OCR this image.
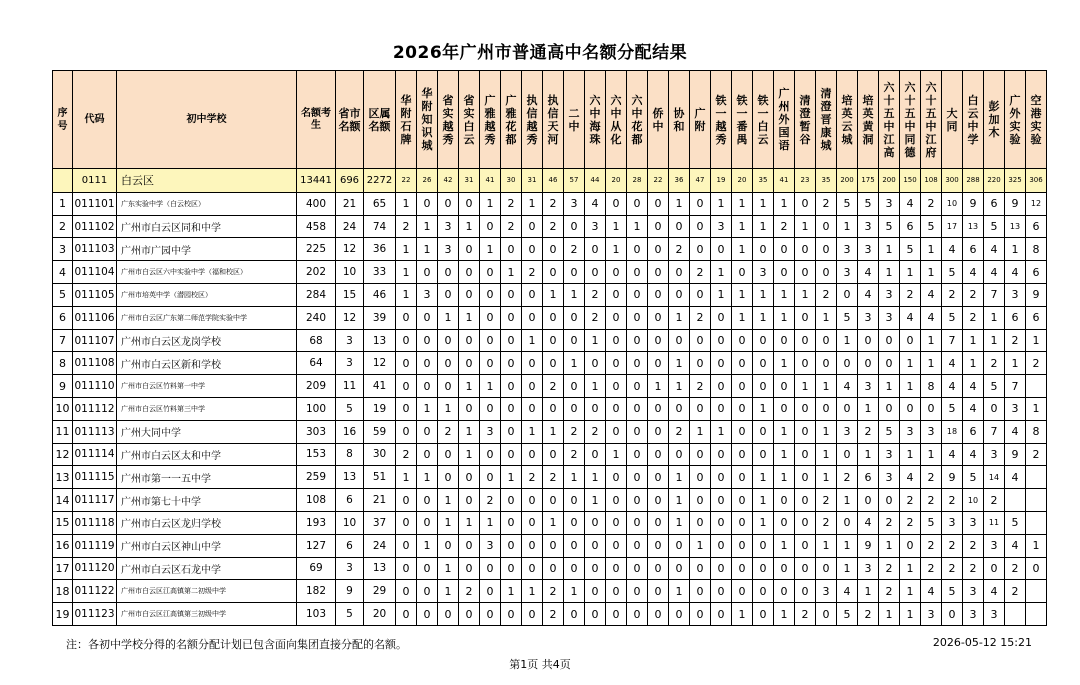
2026年广州市普通高中名额分配结果
序号	代码	初中学校	名额考生	省市名额	区属名额	华附石牌	华附知识城	省实越秀	省实白云	广雅越秀	广雅花都	执信越秀	执信天河	二中	六中海珠	六中从化	六中花都	侨中	协和	广附	铁一越秀	铁一番禺	铁一白云	广州外国语	清澄暂谷	清澄晋康城	培英云城	培英黄洞	六十五中江高	六十五中同德	六十五中江府	大同	白云中学	彭加木	广外实验	空港实验
	0111	白云区	13441	696	2272	22	26	42	31	41	30	31	46	57	44	20	28	22	36	47	19	20	35	41	23	35	200	175	200	150	108	300	288	220	325	306
1	011101	广东实验中学（白云校区）	400	21	65	1	0	0	0	1	2	1	2	3	4	0	0	0	1	0	1	1	1	1	0	2	5	5	3	4	2	10	9	6	9	12
2	011102	广州市白云区同和中学	458	24	74	2	1	3	1	0	2	0	2	0	3	1	1	0	0	0	3	1	1	2	1	0	1	3	5	6	5	17	13	5	13	6
3	011103	广州市广园中学	225	12	36	1	1	3	0	1	0	0	0	2	0	1	0	0	2	0	0	1	0	0	0	0	3	3	1	5	1	4	6	4	1	8
4	011104	广州市白云区六中实验中学（福和校区）	202	10	33	1	0	0	0	0	1	2	0	0	0	0	0	0	0	2	1	0	3	0	0	0	3	4	1	1	1	5	4	4	4	6
5	011105	广州市培英中学（潜园校区）	284	15	46	1	3	0	0	0	0	0	1	1	2	0	0	0	0	0	1	1	1	1	1	2	0	4	3	2	4	2	2	7	3	9
6	011106	广州市白云区广东第二师范学院实验中学	240	12	39	0	0	1	1	0	0	0	0	0	2	0	0	0	1	2	0	1	1	1	0	1	5	3	3	4	4	5	2	1	6	6
7	011107	广州市白云区龙岗学校	68	3	13	0	0	0	0	0	0	1	0	0	1	0	0	0	0	0	0	0	0	0	0	0	1	0	0	0	1	7	1	1	2	1
8	011108	广州市白云区新和学校	64	3	12	0	0	0	0	0	0	0	0	1	0	0	0	0	1	0	0	0	0	1	0	0	0	0	0	1	1	4	1	2	1	2
9	011110	广州市白云区竹料第一中学	209	11	41	0	0	0	1	1	0	0	2	0	1	0	0	1	1	2	0	0	0	0	1	1	4	3	1	1	8	4	4	5	7	
10	011112	广州市白云区竹料第三中学	100	5	19	0	1	1	0	0	0	0	0	0	0	0	0	0	0	0	0	0	1	0	0	0	0	1	0	0	0	5	4	0	3	1
11	011113	广州大同中学	303	16	59	0	0	2	1	3	0	1	1	2	2	0	0	0	2	1	1	0	0	1	0	1	3	2	5	3	3	18	6	7	4	8
12	011114	广州市白云区太和中学	153	8	30	2	0	0	1	0	0	0	0	2	0	1	0	0	0	0	0	0	0	1	0	1	0	1	3	1	1	4	4	3	9	2
13	011115	广州市第一一五中学	259	13	51	1	1	0	0	0	1	2	2	1	1	0	0	0	1	0	0	0	1	1	0	1	2	6	3	4	2	9	5	14	4	
14	011117	广州市第七十中学	108	6	21	0	0	1	0	2	0	0	0	0	1	0	0	0	1	0	0	0	1	0	0	2	1	0	0	2	2	2	10	2		
15	011118	广州市白云区龙归学校	193	10	37	0	0	1	1	1	0	0	1	0	0	0	0	0	1	0	0	0	1	0	0	2	0	4	2	2	5	3	3	11	5	
16	011119	广州市白云区神山中学	127	6	24	0	1	0	0	3	0	0	0	0	0	0	0	0	0	1	0	0	0	1	0	1	1	9	1	0	2	2	2	3	4	1
17	011120	广州市白云区石龙中学	69	3	13	0	0	1	0	0	0	0	0	0	0	0	0	0	0	0	0	0	0	0	0	0	1	3	2	1	2	2	2	0	2	0
18	011122	广州市白云区江高镇第二初级中学	182	9	29	0	0	1	2	0	1	1	2	1	0	0	0	0	1	0	0	0	0	0	0	3	4	1	2	1	4	5	3	4	2	
19	011123	广州市白云区江高镇第三初级中学	103	5	20	0	0	0	0	0	0	0	2	0	0	0	0	0	0	0	0	1	0	1	2	0	5	2	1	1	3	0	3	3		
注：各初中学校分得的名额分配计划已包含面向集团直接分配的名额。	2026-05-12 15:21
第1页 共4页
